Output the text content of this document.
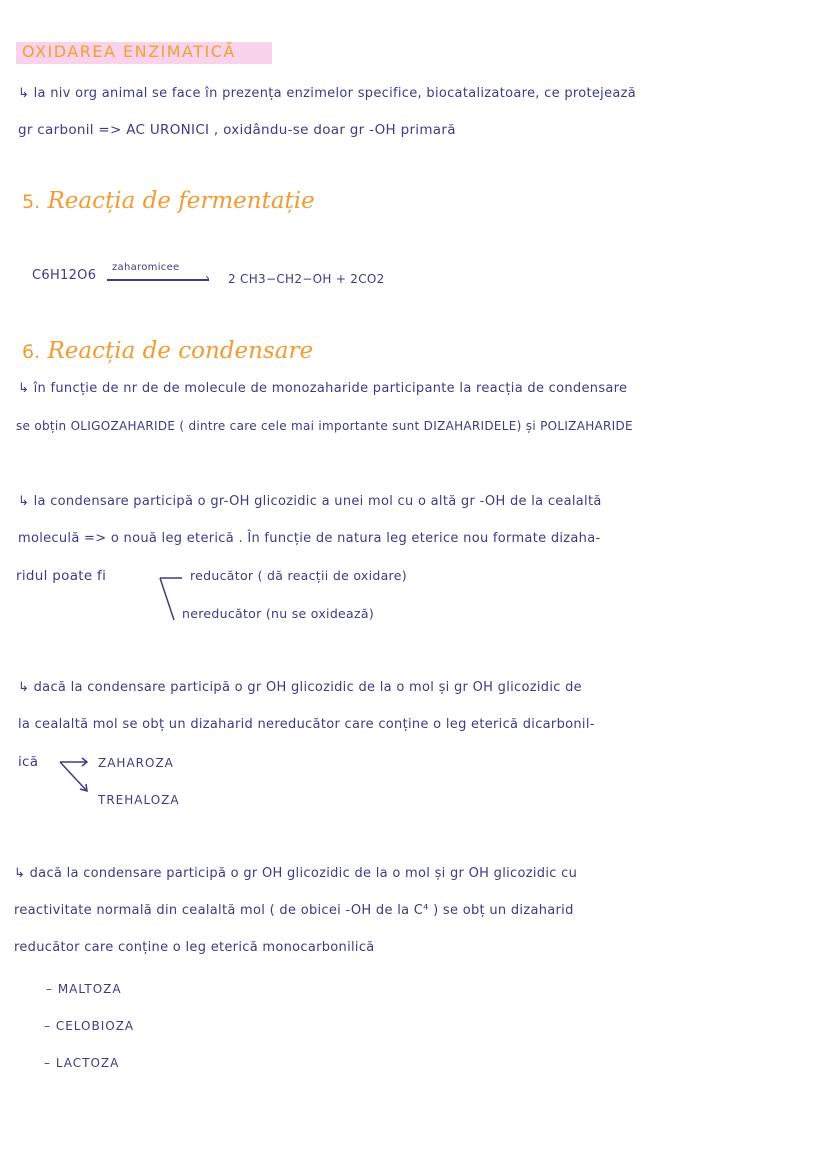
OXIDAREA ENZIMATICĂ
↳ la niv org animal se face în prezența enzimelor specifice, biocatalizatoare, ce protejează
gr carbonil => AC URONICI , oxidându-se doar gr -OH primară
5. Reacția de fermentație
C6H12O6
zaharomicee
› 2 CH3−CH2−OH + 2CO2
6. Reacția de condensare
↳ în funcție de nr de de molecule de monozaharide participante la reacția de condensare
se obțin OLIGOZAHARIDE ( dintre care cele mai importante sunt DIZAHARIDELE) și POLIZAHARIDE
↳ la condensare participă o gr-OH glicozidic a unei mol cu o altă gr -OH de la cealaltă
moleculă => o nouă leg eterică . În funcție de natura leg eterice nou formate dizaha-
ridul poate fi	reducător ( dă reacții de oxidare)
nereducător (nu se oxidează)
↳ dacă la condensare participă o gr OH glicozidic de la o mol și gr OH glicozidic de
la cealaltă mol se obț un dizaharid nereducător care conține o leg eterică dicarbonil-
ică	ZAHAROZA
TREHALOZA
↳ dacă la condensare participă o gr OH glicozidic de la o mol și gr OH glicozidic cu
reactivitate normală din cealaltă mol ( de obicei -OH de la C⁴ ) se obț un dizaharid
reducător care conține o leg eterică monocarbonilică
– MALTOZA
– CELOBIOZA
– LACTOZA
